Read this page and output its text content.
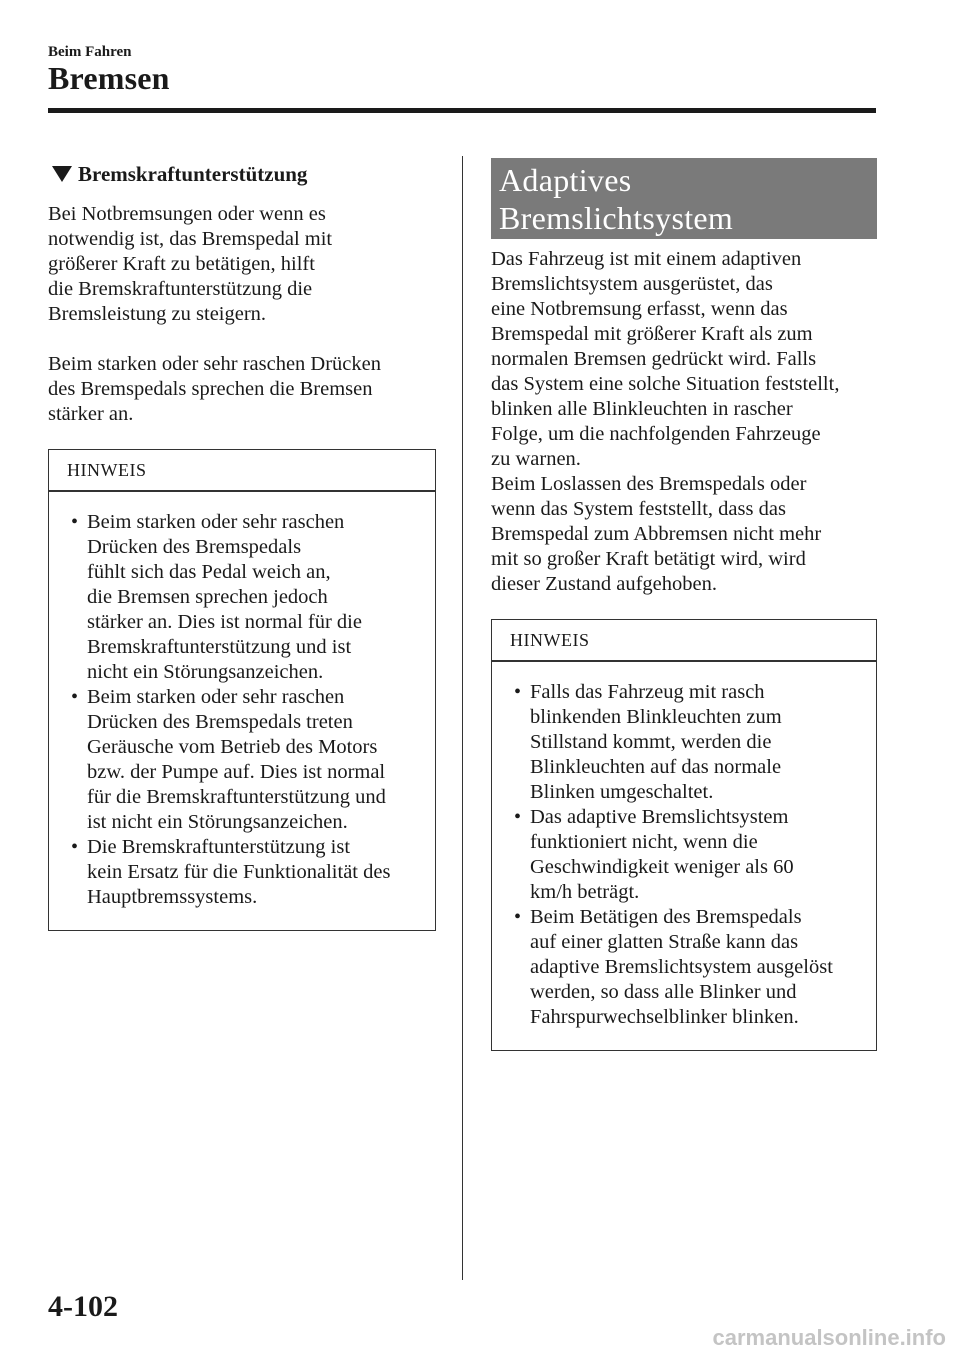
Beim Fahren
Bremsen
Bremskraftunterstützung

Bei Notbremsungen oder wenn es
notwendig ist, das Bremspedal mit
größerer Kraft zu betätigen, hilft
die Bremskraftunterstützung die
Bremsleistung zu steigern.

Beim starken oder sehr raschen Drücken
des Bremspedals sprechen die Bremsen
stärker an.

HINWEIS
• Beim starken oder sehr raschen
Drücken des Bremspedals
fühlt sich das Pedal weich an,
die Bremsen sprechen jedoch
stärker an. Dies ist normal für die
Bremskraftunterstützung und ist
nicht ein Störungsanzeichen.
• Beim starken oder sehr raschen
Drücken des Bremspedals treten
Geräusche vom Betrieb des Motors
bzw. der Pumpe auf. Dies ist normal
für die Bremskraftunterstützung und
ist nicht ein Störungsanzeichen.
• Die Bremskraftunterstützung ist
kein Ersatz für die Funktionalität des
Hauptbremssystems.
Adaptives
Bremslichtsystem

Das Fahrzeug ist mit einem adaptiven
Bremslichtsystem ausgerüstet, das
eine Notbremsung erfasst, wenn das
Bremspedal mit größerer Kraft als zum
normalen Bremsen gedrückt wird. Falls
das System eine solche Situation feststellt,
blinken alle Blinkleuchten in rascher
Folge, um die nachfolgenden Fahrzeuge
zu warnen.
Beim Loslassen des Bremspedals oder
wenn das System feststellt, dass das
Bremspedal zum Abbremsen nicht mehr
mit so großer Kraft betätigt wird, wird
dieser Zustand aufgehoben.

HINWEIS
• Falls das Fahrzeug mit rasch
blinkenden Blinkleuchten zum
Stillstand kommt, werden die
Blinkleuchten auf das normale
Blinken umgeschaltet.
• Das adaptive Bremslichtsystem
funktioniert nicht, wenn die
Geschwindigkeit weniger als 60
km/h beträgt.
• Beim Betätigen des Bremspedals
auf einer glatten Straße kann das
adaptive Bremslichtsystem ausgelöst
werden, so dass alle Blinker und
Fahrspurwechselblinker blinken.
4-102
carmanualsonline.info
